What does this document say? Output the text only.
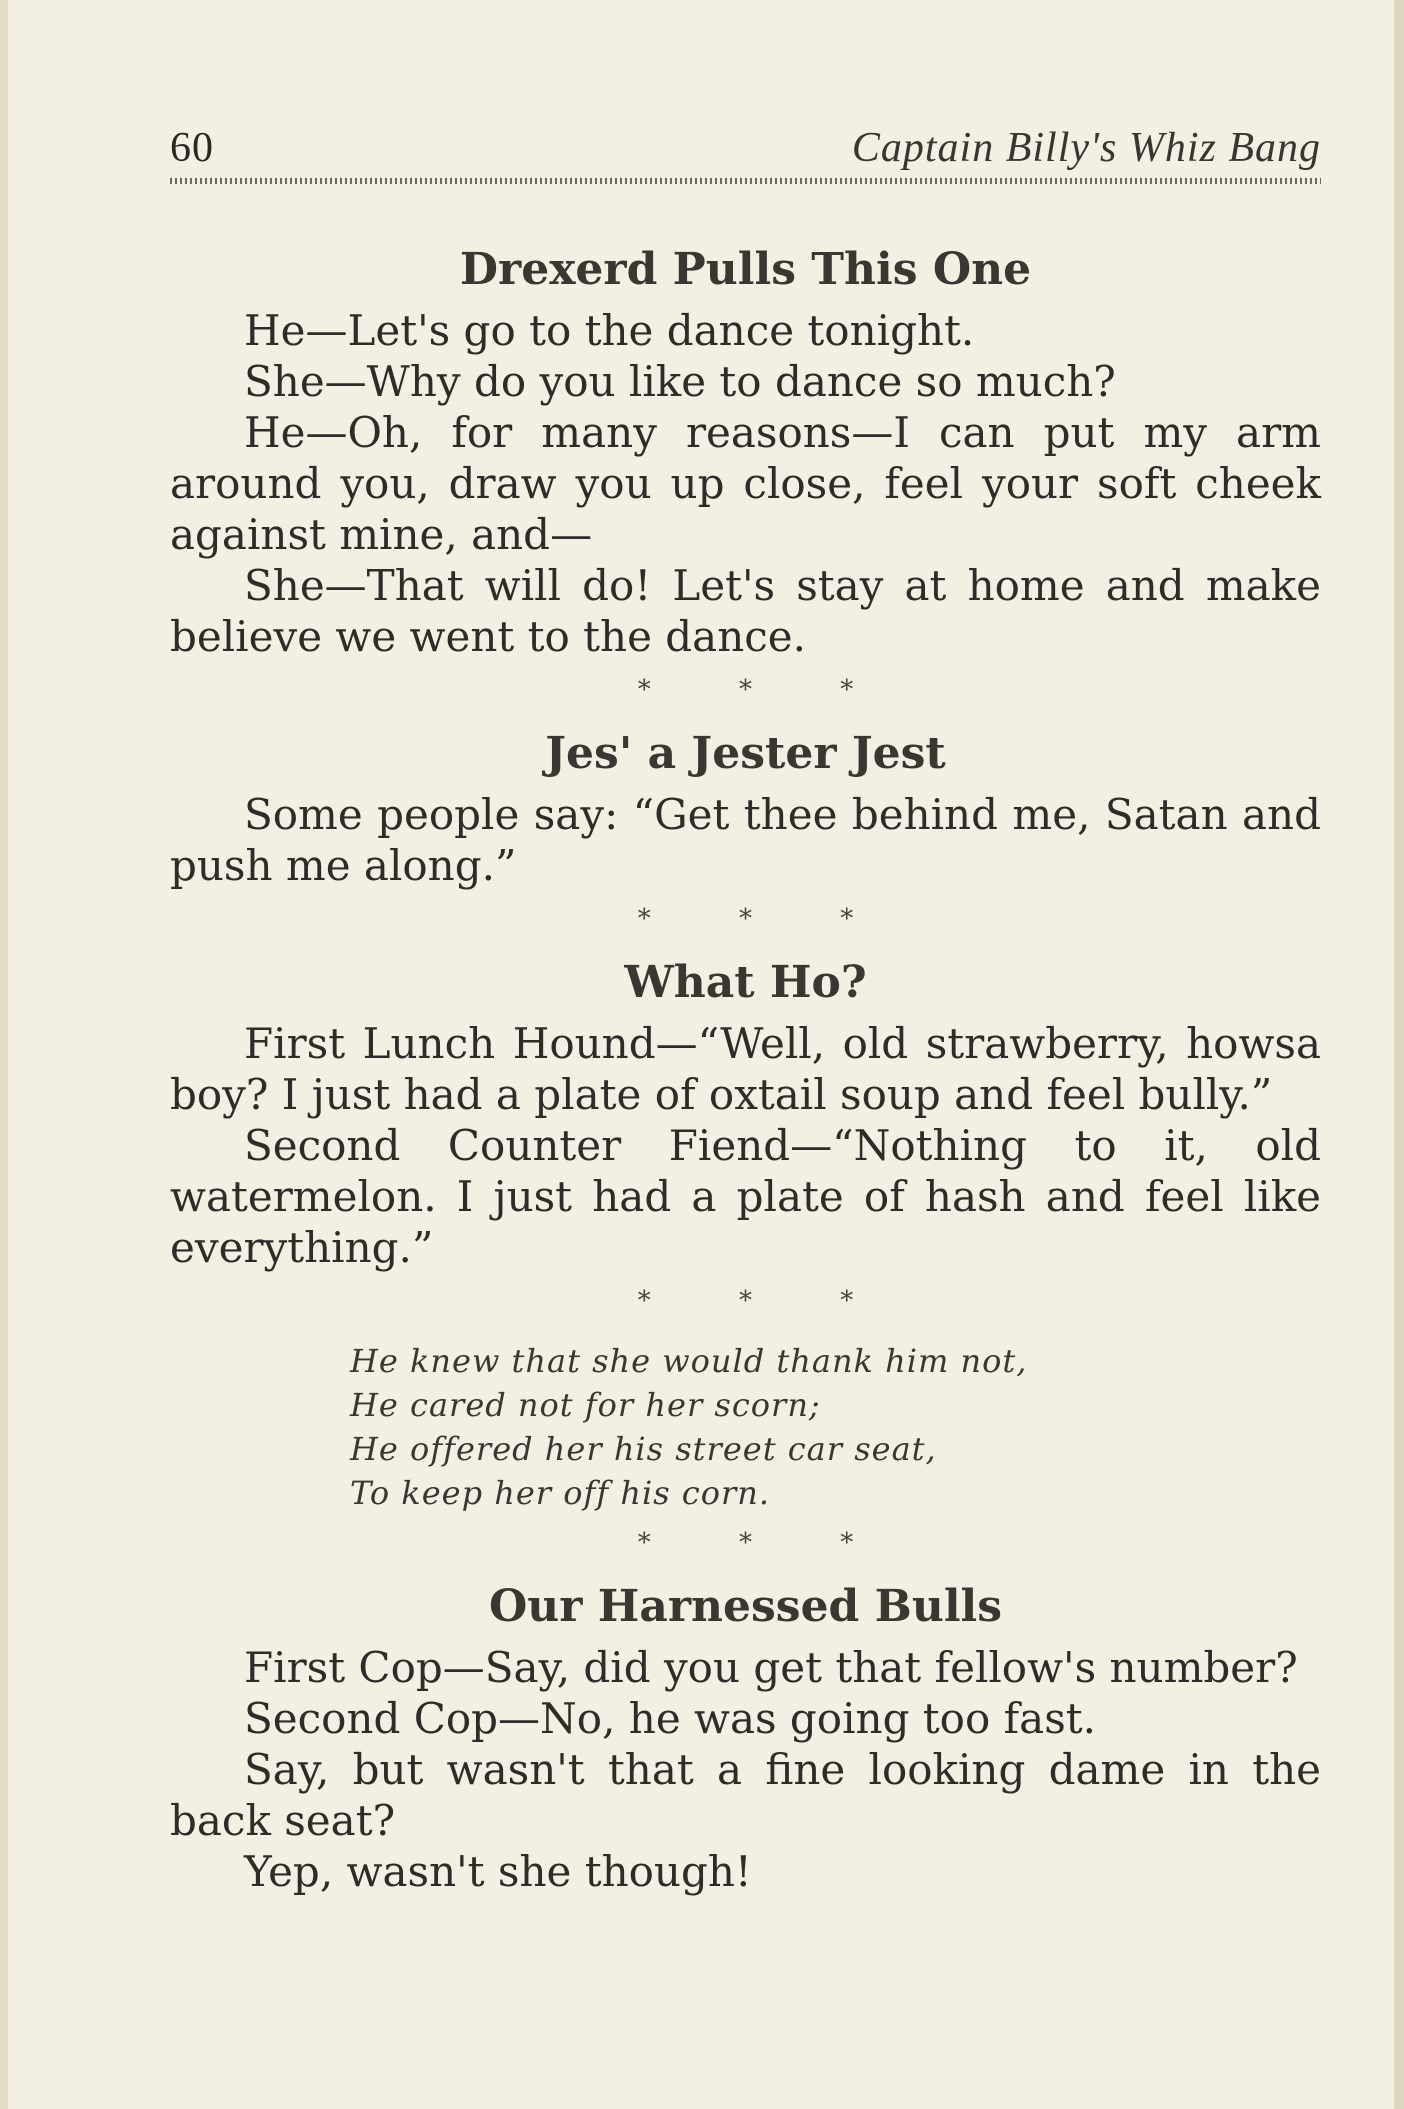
60	Captain Billy's Whiz Bang
Drexerd Pulls This One

He—Let's go to the dance tonight.

She—Why do you like to dance so much?

He—Oh, for many reasons—I can put my arm around you, draw you up close, feel your soft cheek against mine, and—

She—That will do! Let's stay at home and make believe we went to the dance.

* * *
Jes' a Jester Jest

Some people say: “Get thee behind me, Satan and push me along.”

* * *
What Ho?

First Lunch Hound—“Well, old strawberry, howsa boy? I just had a plate of oxtail soup and feel bully.”

Second Counter Fiend—“Nothing to it, old watermelon. I just had a plate of hash and feel like everything.”

* * *
He knew that she would thank him not,
He cared not for her scorn;
He offered her his street car seat,
To keep her off his corn.
* * *
Our Harnessed Bulls

First Cop—Say, did you get that fellow's number?

Second Cop—No, he was going too fast.

Say, but wasn't that a fine looking dame in the back seat?

Yep, wasn't she though!
